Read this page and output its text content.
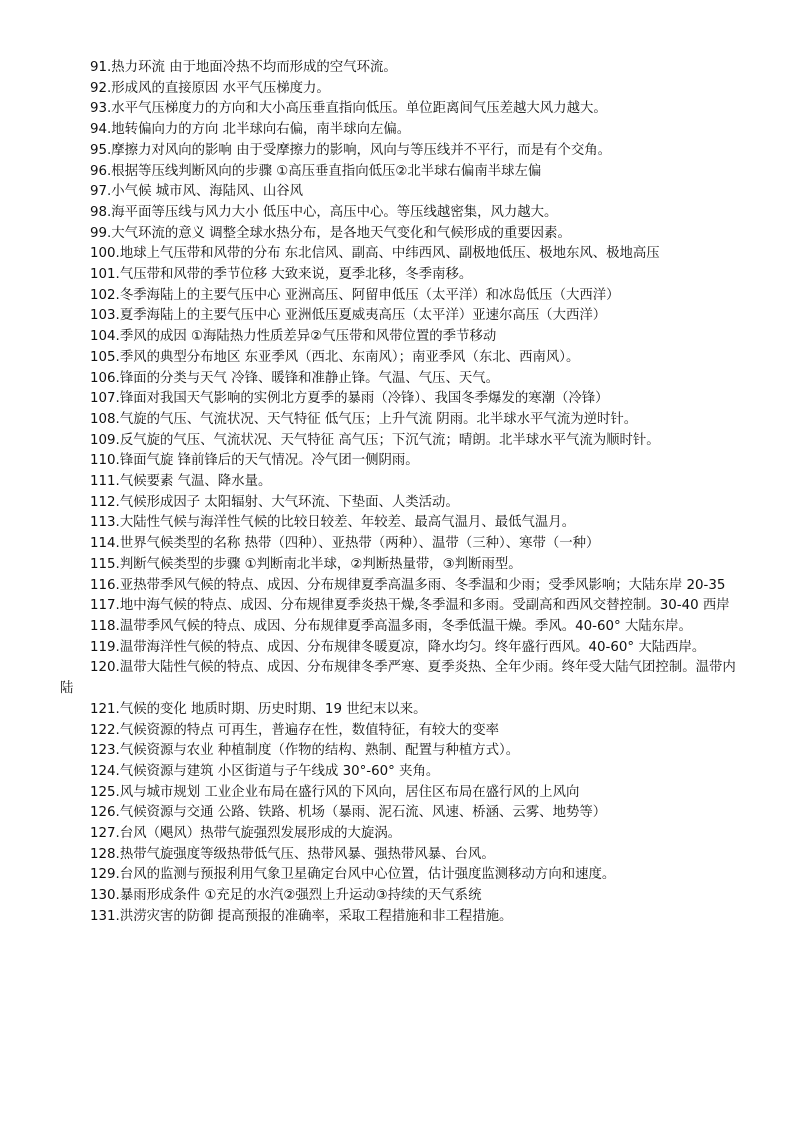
91.热力环流 由于地面冷热不均而形成的空气环流。

92.形成风的直接原因 水平气压梯度力。

93.水平气压梯度力的方向和大小高压垂直指向低压。单位距离间气压差越大风力越大。

94.地转偏向力的方向 北半球向右偏，南半球向左偏。

95.摩擦力对风向的影响 由于受摩擦力的影响，风向与等压线并不平行，而是有个交角。

96.根据等压线判断风向的步骤 ①高压垂直指向低压②北半球右偏南半球左偏

97.小气候 城市风、海陆风、山谷风

98.海平面等压线与风力大小 低压中心，高压中心。等压线越密集，风力越大。

99.大气环流的意义 调整全球水热分布，是各地天气变化和气候形成的重要因素。

100.地球上气压带和风带的分布 东北信风、副高、中纬西风、副极地低压、极地东风、极地高压

101.气压带和风带的季节位移 大致来说，夏季北移，冬季南移。

102.冬季海陆上的主要气压中心 亚洲高压、阿留申低压（太平洋）和冰岛低压（大西洋）

103.夏季海陆上的主要气压中心 亚洲低压夏威夷高压（太平洋）亚速尔高压（大西洋）

104.季风的成因 ①海陆热力性质差异②气压带和风带位置的季节移动

105.季风的典型分布地区 东亚季风（西北、东南风）；南亚季风（东北、西南风）。

106.锋面的分类与天气 冷锋、暖锋和准静止锋。气温、气压、天气。

107.锋面对我国天气影响的实例北方夏季的暴雨（冷锋）、我国冬季爆发的寒潮（冷锋）

108.气旋的气压、气流状况、天气特征 低气压；上升气流 阴雨。北半球水平气流为逆时针。

109.反气旋的气压、气流状况、天气特征 高气压；下沉气流；晴朗。北半球水平气流为顺时针。

110.锋面气旋 锋前锋后的天气情况。冷气团一侧阴雨。

111.气候要素 气温、降水量。

112.气候形成因子 太阳辐射、大气环流、下垫面、人类活动。

113.大陆性气候与海洋性气候的比较日较差、年较差、最高气温月、最低气温月。

114.世界气候类型的名称 热带（四种）、亚热带（两种）、温带（三种）、寒带（一种）

115.判断气候类型的步骤 ①判断南北半球，②判断热量带，③判断雨型。

116.亚热带季风气候的特点、成因、分布规律夏季高温多雨、冬季温和少雨；受季风影响；大陆东岸 20-35

117.地中海气候的特点、成因、分布规律夏季炎热干燥,冬季温和多雨。受副高和西风交替控制。30-40 西岸

118.温带季风气候的特点、成因、分布规律夏季高温多雨，冬季低温干燥。季风。40-60° 大陆东岸。

119.温带海洋性气候的特点、成因、分布规律冬暖夏凉，降水均匀。终年盛行西风。40-60° 大陆西岸。

120.温带大陆性气候的特点、成因、分布规律冬季严寒、夏季炎热、全年少雨。终年受大陆气团控制。温带内陆

121.气候的变化 地质时期、历史时期、19 世纪末以来。

122.气候资源的特点 可再生，普遍存在性，数值特征，有较大的变率

123.气候资源与农业 种植制度（作物的结构、熟制、配置与种植方式）。

124.气候资源与建筑 小区街道与子午线成 30°-60° 夹角。

125.风与城市规划 工业企业布局在盛行风的下风向，居住区布局在盛行风的上风向

126.气候资源与交通 公路、铁路、机场（暴雨、泥石流、风速、桥涵、云雾、地势等）

127.台风（飓风）热带气旋强烈发展形成的大旋涡。

128.热带气旋强度等级热带低气压、热带风暴、强热带风暴、台风。

129.台风的监测与预报利用气象卫星确定台风中心位置，估计强度监测移动方向和速度。

130.暴雨形成条件 ①充足的水汽②强烈上升运动③持续的天气系统

131.洪涝灾害的防御 提高预报的准确率，采取工程措施和非工程措施。
